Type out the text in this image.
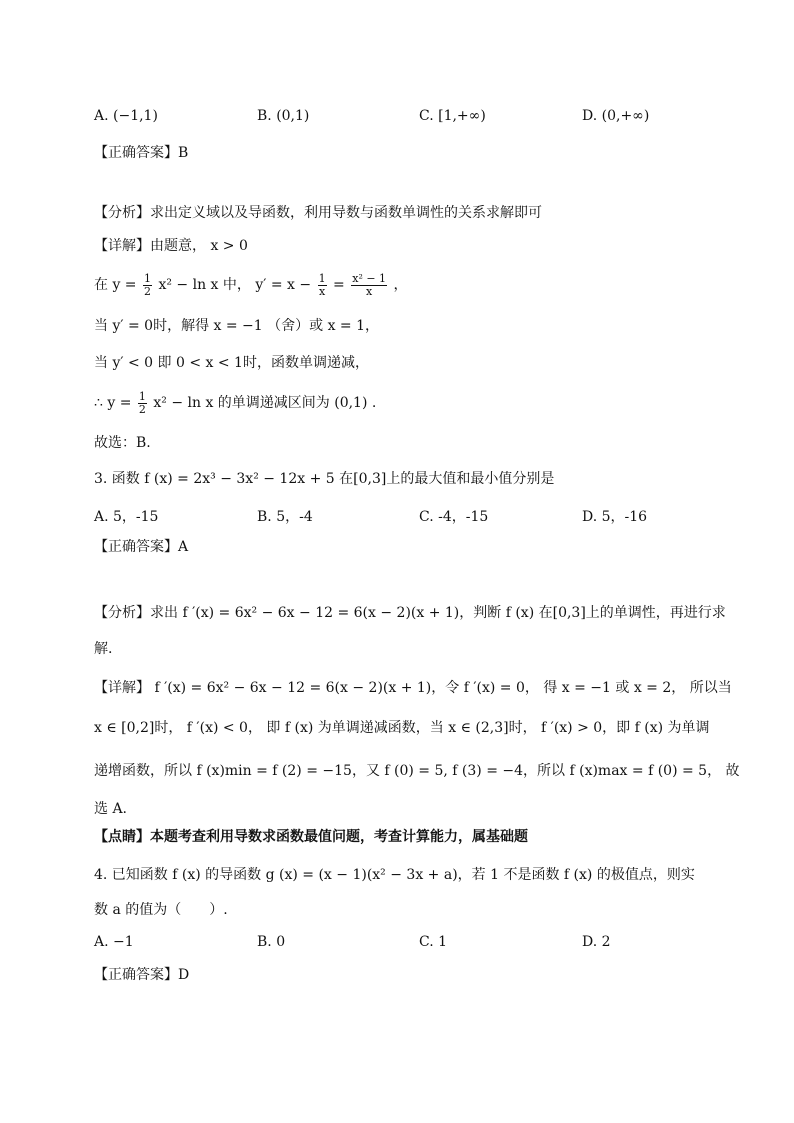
A. (−1,1)	B. (0,1)	C. [1,+∞)	D. (0,+∞)
【正确答案】B
【分析】求出定义域以及导函数，利用导数与函数单调性的关系求解即可
【详解】由题意， x > 0
在 $y = \frac{1}{2} x^2 - \ln x$ 中， $y' = x - \frac{1}{x} = \frac{\text{x² − 1}}{x}$ ，
当 y′ = 0时，解得 x = −1 （舍）或 x = 1，
当 y′ < 0 即 0 < x < 1时，函数单调递减，
∴ $y = \frac{1}{2} x^2 - \ln x$ 的单调递减区间为 (0,1) .
故选：B.
3. 函数 f (x) = 2x³ − 3x² − 12x + 5 在[0,3]上的最大值和最小值分别是
A. 5，-15	B. 5，-4	C. -4，-15	D. 5，-16
【正确答案】A
【分析】求出 f ′(x) = 6x² − 6x − 12 = 6(x − 2)(x + 1)，判断 f (x) 在[0,3]上的单调性，再进行求
解.
【详解】 f ′(x) = 6x² − 6x − 12 = 6(x − 2)(x + 1)，令 f ′(x) = 0， 得 x = −1 或 x = 2， 所以当
x ∈ [0,2]时， f ′(x) < 0， 即 f (x) 为单调递减函数，当 x ∈ (2,3]时， f ′(x) > 0，即 f (x) 为单调
递增函数，所以 f (x)min = f (2) = −15，又 f (0) = 5, f (3) = −4，所以 f (x)max = f (0) = 5， 故
选 A.
【点睛】本题考查利用导数求函数最值问题，考查计算能力，属基础题
4. 已知函数 f (x) 的导函数 g (x) = (x − 1)(x² − 3x + a)，若 1 不是函数 f (x) 的极值点，则实
数 a 的值为（　　）.
A. −1	B. 0	C. 1	D. 2
【正确答案】D
